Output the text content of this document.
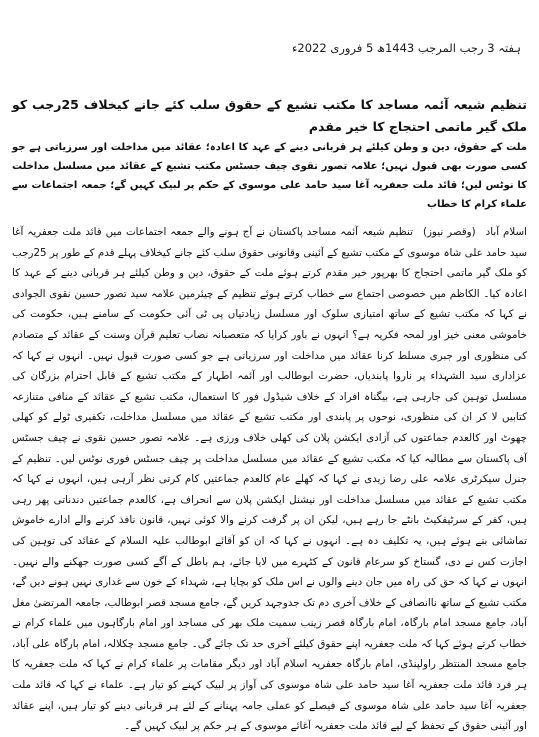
ہفتہ 3 رجب المرجب 1443ھ 5 فروری 2022ء
تنظیم شیعہ آئمہ مساجد کا مکتب تشیع کے حقوق سلب کئے جانے کیخلاف 25رجب کو ملک گیر ماتمی احتجاج کا خیر مقدم
ملت کے حقوق، دین و وطن کیلئے ہر قربانی دینے کے عہد کا اعادہ؛ عقائد میں مداخلت اور سرزیاتی ہے جو کسی صورت بھی قبول نہیں؛ علامہ تصور نقوی چیف جسٹس مکتب تشیع کے عقائد میں مسلسل مداخلت کا نوٹس لیں؛ قائد ملت جعفریہ آغا سید حامد علی موسوی کے حکم پر لبیک کہیں گے؛ جمعہ اجتماعات سے علماء کرام کا خطاب

اسلام آباد (وقصر نیوز) تنظیم شیعہ آئمہ مساجد پاکستان نے آج ہونے والے جمعہ اجتماعات میں قائد ملت جعفریہ آغا سید حامد علی شاہ موسوی کے مکتب تشیع کے آئینی وقانونی حقوق سلب کئے جانے کیخلاف پہلے قدم کے طور پر 25رجب کو ملک گیر ماتمی احتجاج کا بھرپور خیر مقدم کرتے ہوئے ملت کے حقوق، دین و وطن کیلئے ہر قربانی دینے کے عہد کا اعادہ کیا۔ الکاظم میں خصوصی اجتماع سے خطاب کرتے ہوئے تنظیم کے چیئرمین علامہ سید تصور حسین نقوی الجوادی نے کہا کہ مکتب تشیع کے ساتھ امتیازی سلوک اور مسلسل زیادتیاں پی ٹی آئی حکومت کے سامنے ہیں، حکومت کی خاموشی معنی خیز اور لمحہ فکریہ ہے؟ انہوں نے باور کرایا کہ متعصبانہ نصاب تعلیم قرآن وسنت کے عقائد کے متصادم کی منظوری اور جبری مسلط کرنا عقائد میں مداخلت اور سرزیاتی ہے جو کسی صورت قبول نہیں۔ انہوں نے کہا کہ عزاداری سید الشہداء پر ناروا پابندیاں، حضرت ابوطالب اور آئمہ اطہار کے مکتب تشیع کے قابل احترام بزرگان کی مسلسل توہین کی جارہی ہے، بیگناہ افراد کے خلاف شیڈول فور کا استعمال، مکتب تشیع کے عقائد کے منافی متنازعہ کتابیں لا کر ان کی منظوری، نوحوں پر پابندی اور مکتب تشیع کے عقائد میں مسلسل مداخلت، تکفیری ٹولے کو کھلی چھوٹ اور کالعدم جماعتوں کی آزادی ایکشن پلان کی کھلی خلاف ورزی ہے۔ علامہ تصور حسین نقوی نے چیف جسٹس آف پاکستان سے مطالبہ کیا کہ مکتب تشیع کے عقائد میں مسلسل مداخلت پر چیف جسٹس فوری نوٹس لیں۔ تنظیم کے جنرل سیکرٹری علامہ علی رضا زیدی نے کہا کہ کھلے عام کالعدم جماعتیں کام کرتی نظر آرہی ہیں، انہوں نے کہا کہ مکتب تشیع کے عقائد میں مسلسل مداخلت اور نیشنل ایکشن پلان سے انحراف ہے، کالعدم جماعتیں دندناتی پھر رہی ہیں، کفر کے سرٹیفکیٹ بانٹے جا رہے ہیں، لیکن ان پر گرفت کرنے والا کوئی نہیں، قانون نافذ کرنے والے ادارے خاموش تماشائی بنے ہوئے ہیں، یہ تکلیف دہ ہے۔ انہوں نے کہا کہ ان کو آقائے ابوطالب علیہ السلام کے عقائد کی توہین کی اجازت کس نے دی، گستاخ کو سرعام قانون کے کٹہرے میں لایا جائے، ہم باطل کے آگے کسی صورت جھکنے والے نہیں۔ انہوں نے کہا کہ حق کی راہ میں جان دینے والوں نے اس ملک کو بچایا ہے، شہداء کے خون سے غداری نہیں ہونے دیں گے، مکتب تشیع کے ساتھ ناانصافی کے خلاف آخری دم تک جدوجہد کریں گے، جامع مسجد قصر ابوطالب، جامعہ المرتضیٰ مغل آباد، جامع مسجد امام بارگاہ، امام بارگاہ قصر زینب سمیت ملک بھر کی مساجد اور امام بارگاہوں میں علماء کرام نے خطاب کرتے ہوئے کہا کہ ملت جعفریہ اپنے حقوق کیلئے آخری حد تک جائے گی۔ جامع مسجد چکلالہ، امام بارگاہ علی آباد، جامع مسجد المنتظر راولپنڈی، امام بارگاہ جعفریہ اسلام آباد اور دیگر مقامات پر علماء کرام نے کہا کہ ملت جعفریہ کا ہر فرد قائد ملت جعفریہ آغا سید حامد علی شاہ موسوی کی آواز پر لبیک کہنے کو تیار ہے۔ علماء نے کہا کہ قائد ملت جعفریہ آغا سید حامد علی شاہ موسوی کے فیصلے کو عملی جامہ پہنانے کے لئے ہر قربانی دینے کو تیار ہیں، اپنے عقائد اور آئینی حقوق کے تحفظ کے لیے قائد ملت جعفریہ آغائے موسوی کے ہر حکم پر لبیک کہیں گے۔
